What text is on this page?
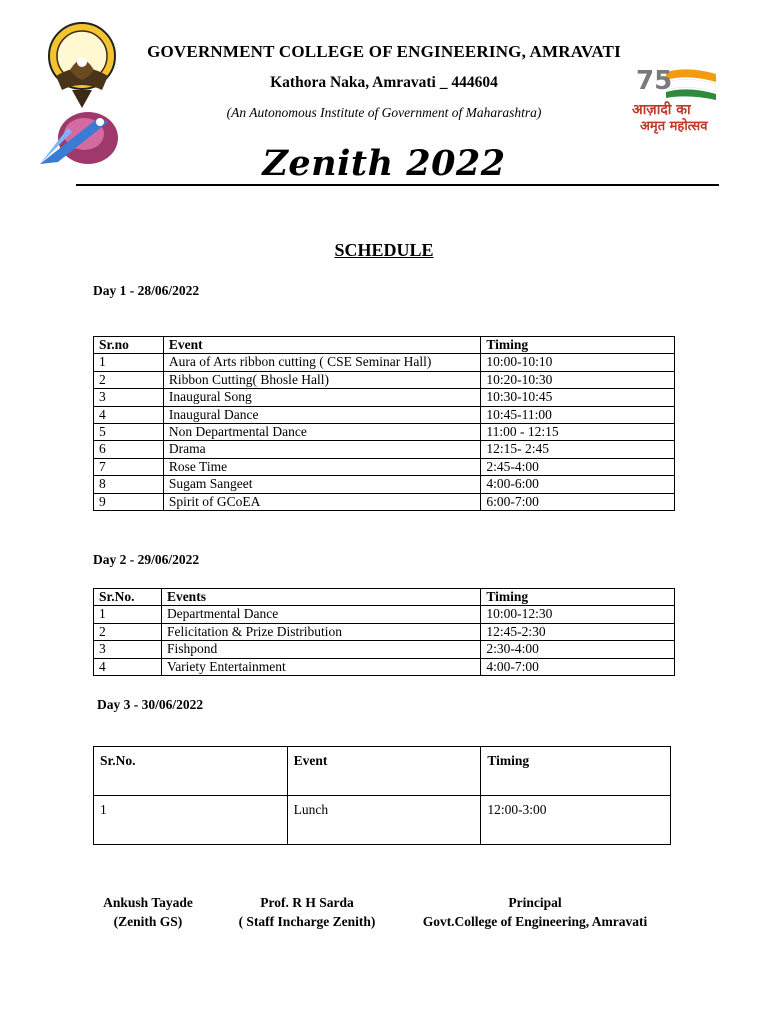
75
आज़ादी का
अमृत महोत्सव
GOVERNMENT COLLEGE OF ENGINEERING, AMRAVATI
Kathora Naka, Amravati _ 444604
(An Autonomous Institute of Government of Maharashtra)
Zenith 2022
SCHEDULE
Day 1 - 28/06/2022
Sr.no	Event	Timing
1	Aura of Arts ribbon cutting ( CSE Seminar Hall)	10:00-10:10
2	Ribbon Cutting( Bhosle Hall)	10:20-10:30
3	Inaugural Song	10:30-10:45
4	Inaugural Dance	10:45-11:00
5	Non Departmental Dance	11:00 - 12:15
6	Drama	12:15- 2:45
7	Rose Time	2:45-4:00
8	Sugam Sangeet	4:00-6:00
9	Spirit of GCoEA	6:00-7:00
Day 2 - 29/06/2022
Sr.No.	Events	Timing
1	Departmental Dance	10:00-12:30
2	Felicitation & Prize Distribution	12:45-2:30
3	Fishpond	2:30-4:00
4	Variety Entertainment	4:00-7:00
Day 3 - 30/06/2022
Sr.No.	Event	Timing
1	Lunch	12:00-3:00
Ankush Tayade
(Zenith GS)
Prof. R H Sarda
( Staff Incharge Zenith)
Principal
Govt.College of Engineering, Amravati
